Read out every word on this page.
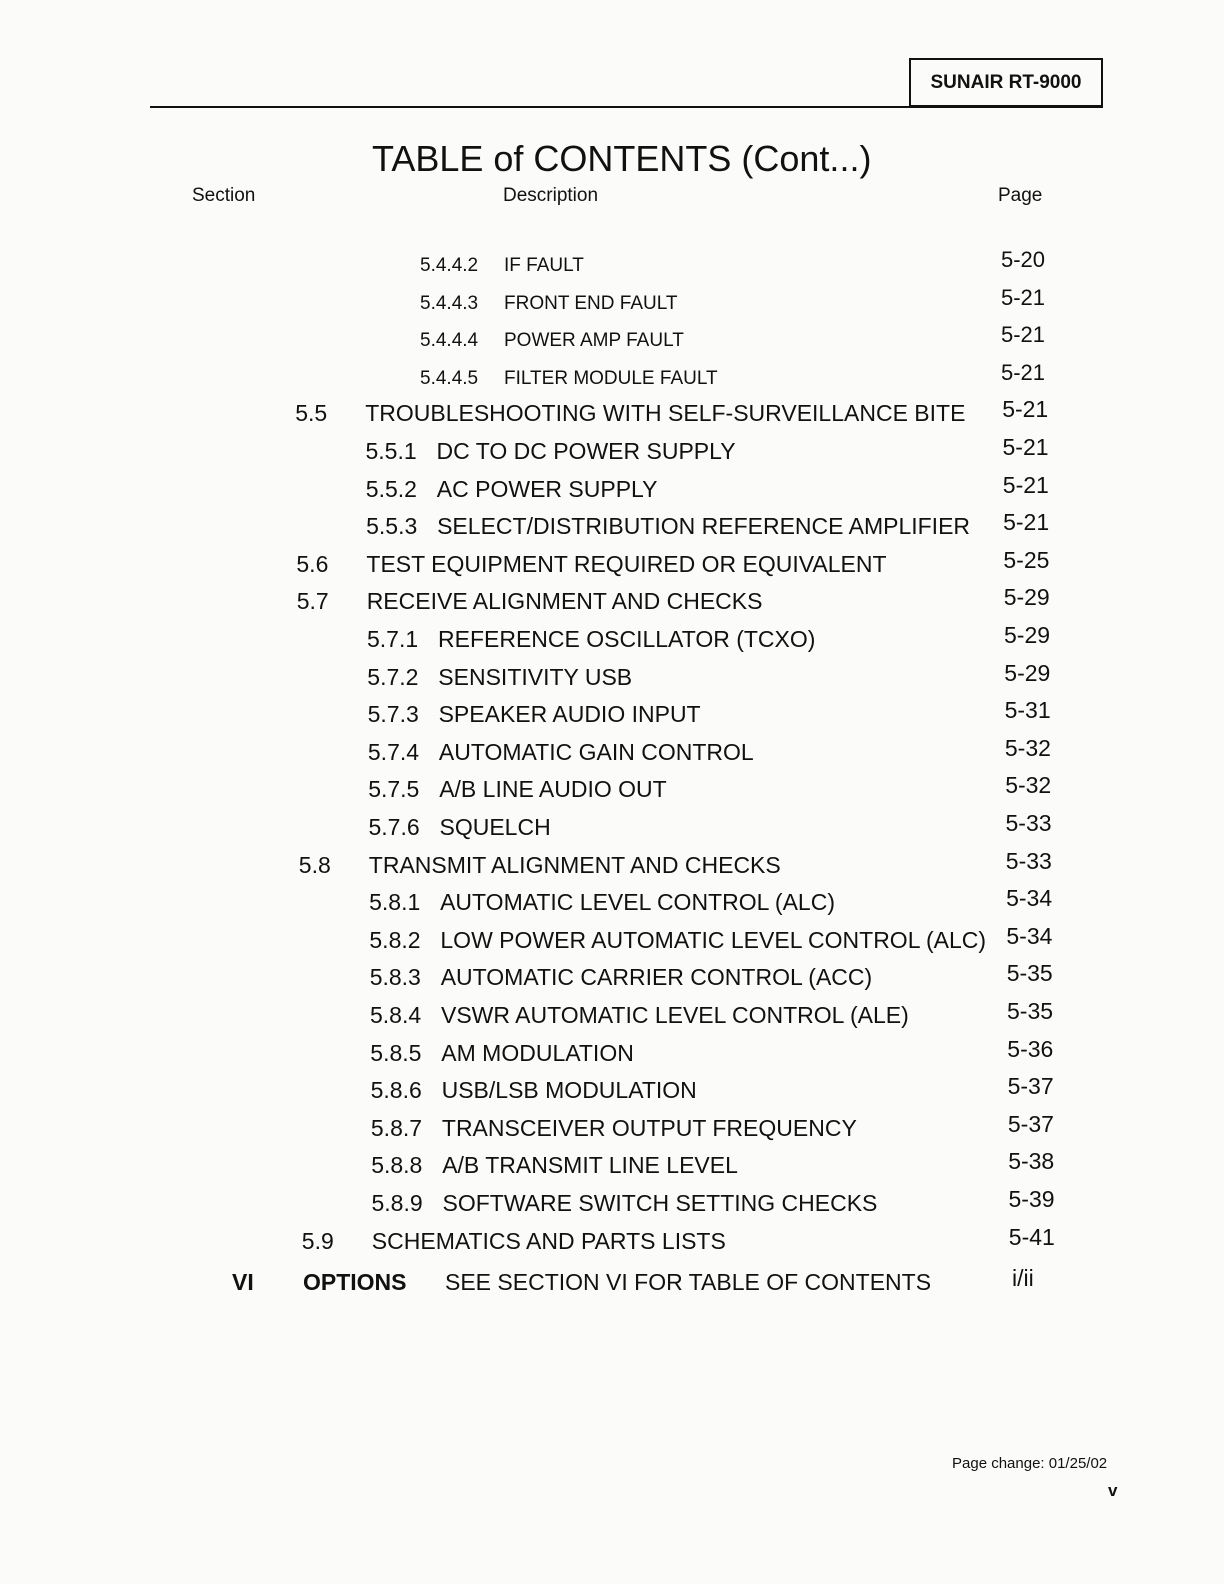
SUNAIR RT-9000
TABLE of CONTENTS (Cont...)
Section	Description	Page
5.4.4.2 IF FAULT	5-20
5.4.4.3 FRONT END FAULT	5-21
5.4.4.4 POWER AMP FAULT	5-21
5.4.4.5 FILTER MODULE FAULT	5-21
5.5 TROUBLESHOOTING WITH SELF-SURVEILLANCE BITE 5-21
5.5.1 DC TO DC POWER SUPPLY	5-21
5.5.2 AC POWER SUPPLY	5-21
5.5.3 SELECT/DISTRIBUTION REFERENCE AMPLIFIER 5-21
5.6 TEST EQUIPMENT REQUIRED OR EQUIVALENT	5-25
5.7 RECEIVE ALIGNMENT AND CHECKS	5-29
5.7.1 REFERENCE OSCILLATOR (TCXO)	5-29
5.7.2 SENSITIVITY USB	5-29
5.7.3 SPEAKER AUDIO INPUT	5-31
5.7.4 AUTOMATIC GAIN CONTROL	5-32
5.7.5 A/B LINE AUDIO OUT	5-32
5.7.6 SQUELCH	5-33
5.8 TRANSMIT ALIGNMENT AND CHECKS	5-33
5.8.1 AUTOMATIC LEVEL CONTROL (ALC)	5-34
5.8.2 LOW POWER AUTOMATIC LEVEL CONTROL (ALC) 5-34
5.8.3 AUTOMATIC CARRIER CONTROL (ACC)	5-35
5.8.4 VSWR AUTOMATIC LEVEL CONTROL (ALE)	5-35
5.8.5 AM MODULATION	5-36
5.8.6 USB/LSB MODULATION	5-37
5.8.7 TRANSCEIVER OUTPUT FREQUENCY	5-37
5.8.8 A/B TRANSMIT LINE LEVEL	5-38
5.8.9 SOFTWARE SWITCH SETTING CHECKS	5-39
5.9 SCHEMATICS AND PARTS LISTS	5-41
VI OPTIONS SEE SECTION VI FOR TABLE OF CONTENTS	i/ii
Page change: 01/25/02
v
